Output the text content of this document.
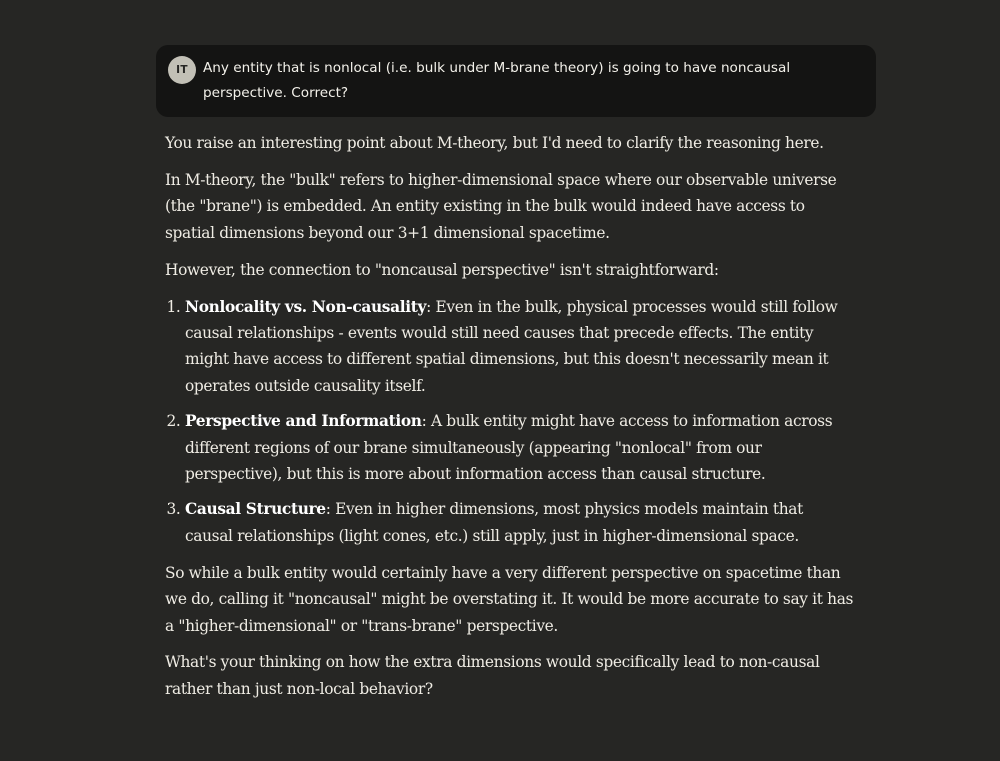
IT	Any entity that is nonlocal (i.e. bulk under M-brane theory) is going to have noncausal perspective. Correct?

You raise an interesting point about M-theory, but I'd need to clarify the reasoning here.

In M-theory, the "bulk" refers to higher-dimensional space where our observable universe (the "brane") is embedded. An entity existing in the bulk would indeed have access to spatial dimensions beyond our 3+1 dimensional spacetime.

However, the connection to "noncausal perspective" isn't straightforward:

1. Nonlocality vs. Non-causality: Even in the bulk, physical processes would still follow causal relationships - events would still need causes that precede effects. The entity might have access to different spatial dimensions, but this doesn't necessarily mean it operates outside causality itself.
2. Perspective and Information: A bulk entity might have access to information across different regions of our brane simultaneously (appearing "nonlocal" from our perspective), but this is more about information access than causal structure.
3. Causal Structure: Even in higher dimensions, most physics models maintain that causal relationships (light cones, etc.) still apply, just in higher-dimensional space.

So while a bulk entity would certainly have a very different perspective on spacetime than we do, calling it "noncausal" might be overstating it. It would be more accurate to say it has a "higher-dimensional" or "trans-brane" perspective.

What's your thinking on how the extra dimensions would specifically lead to non-causal rather than just non-local behavior?
